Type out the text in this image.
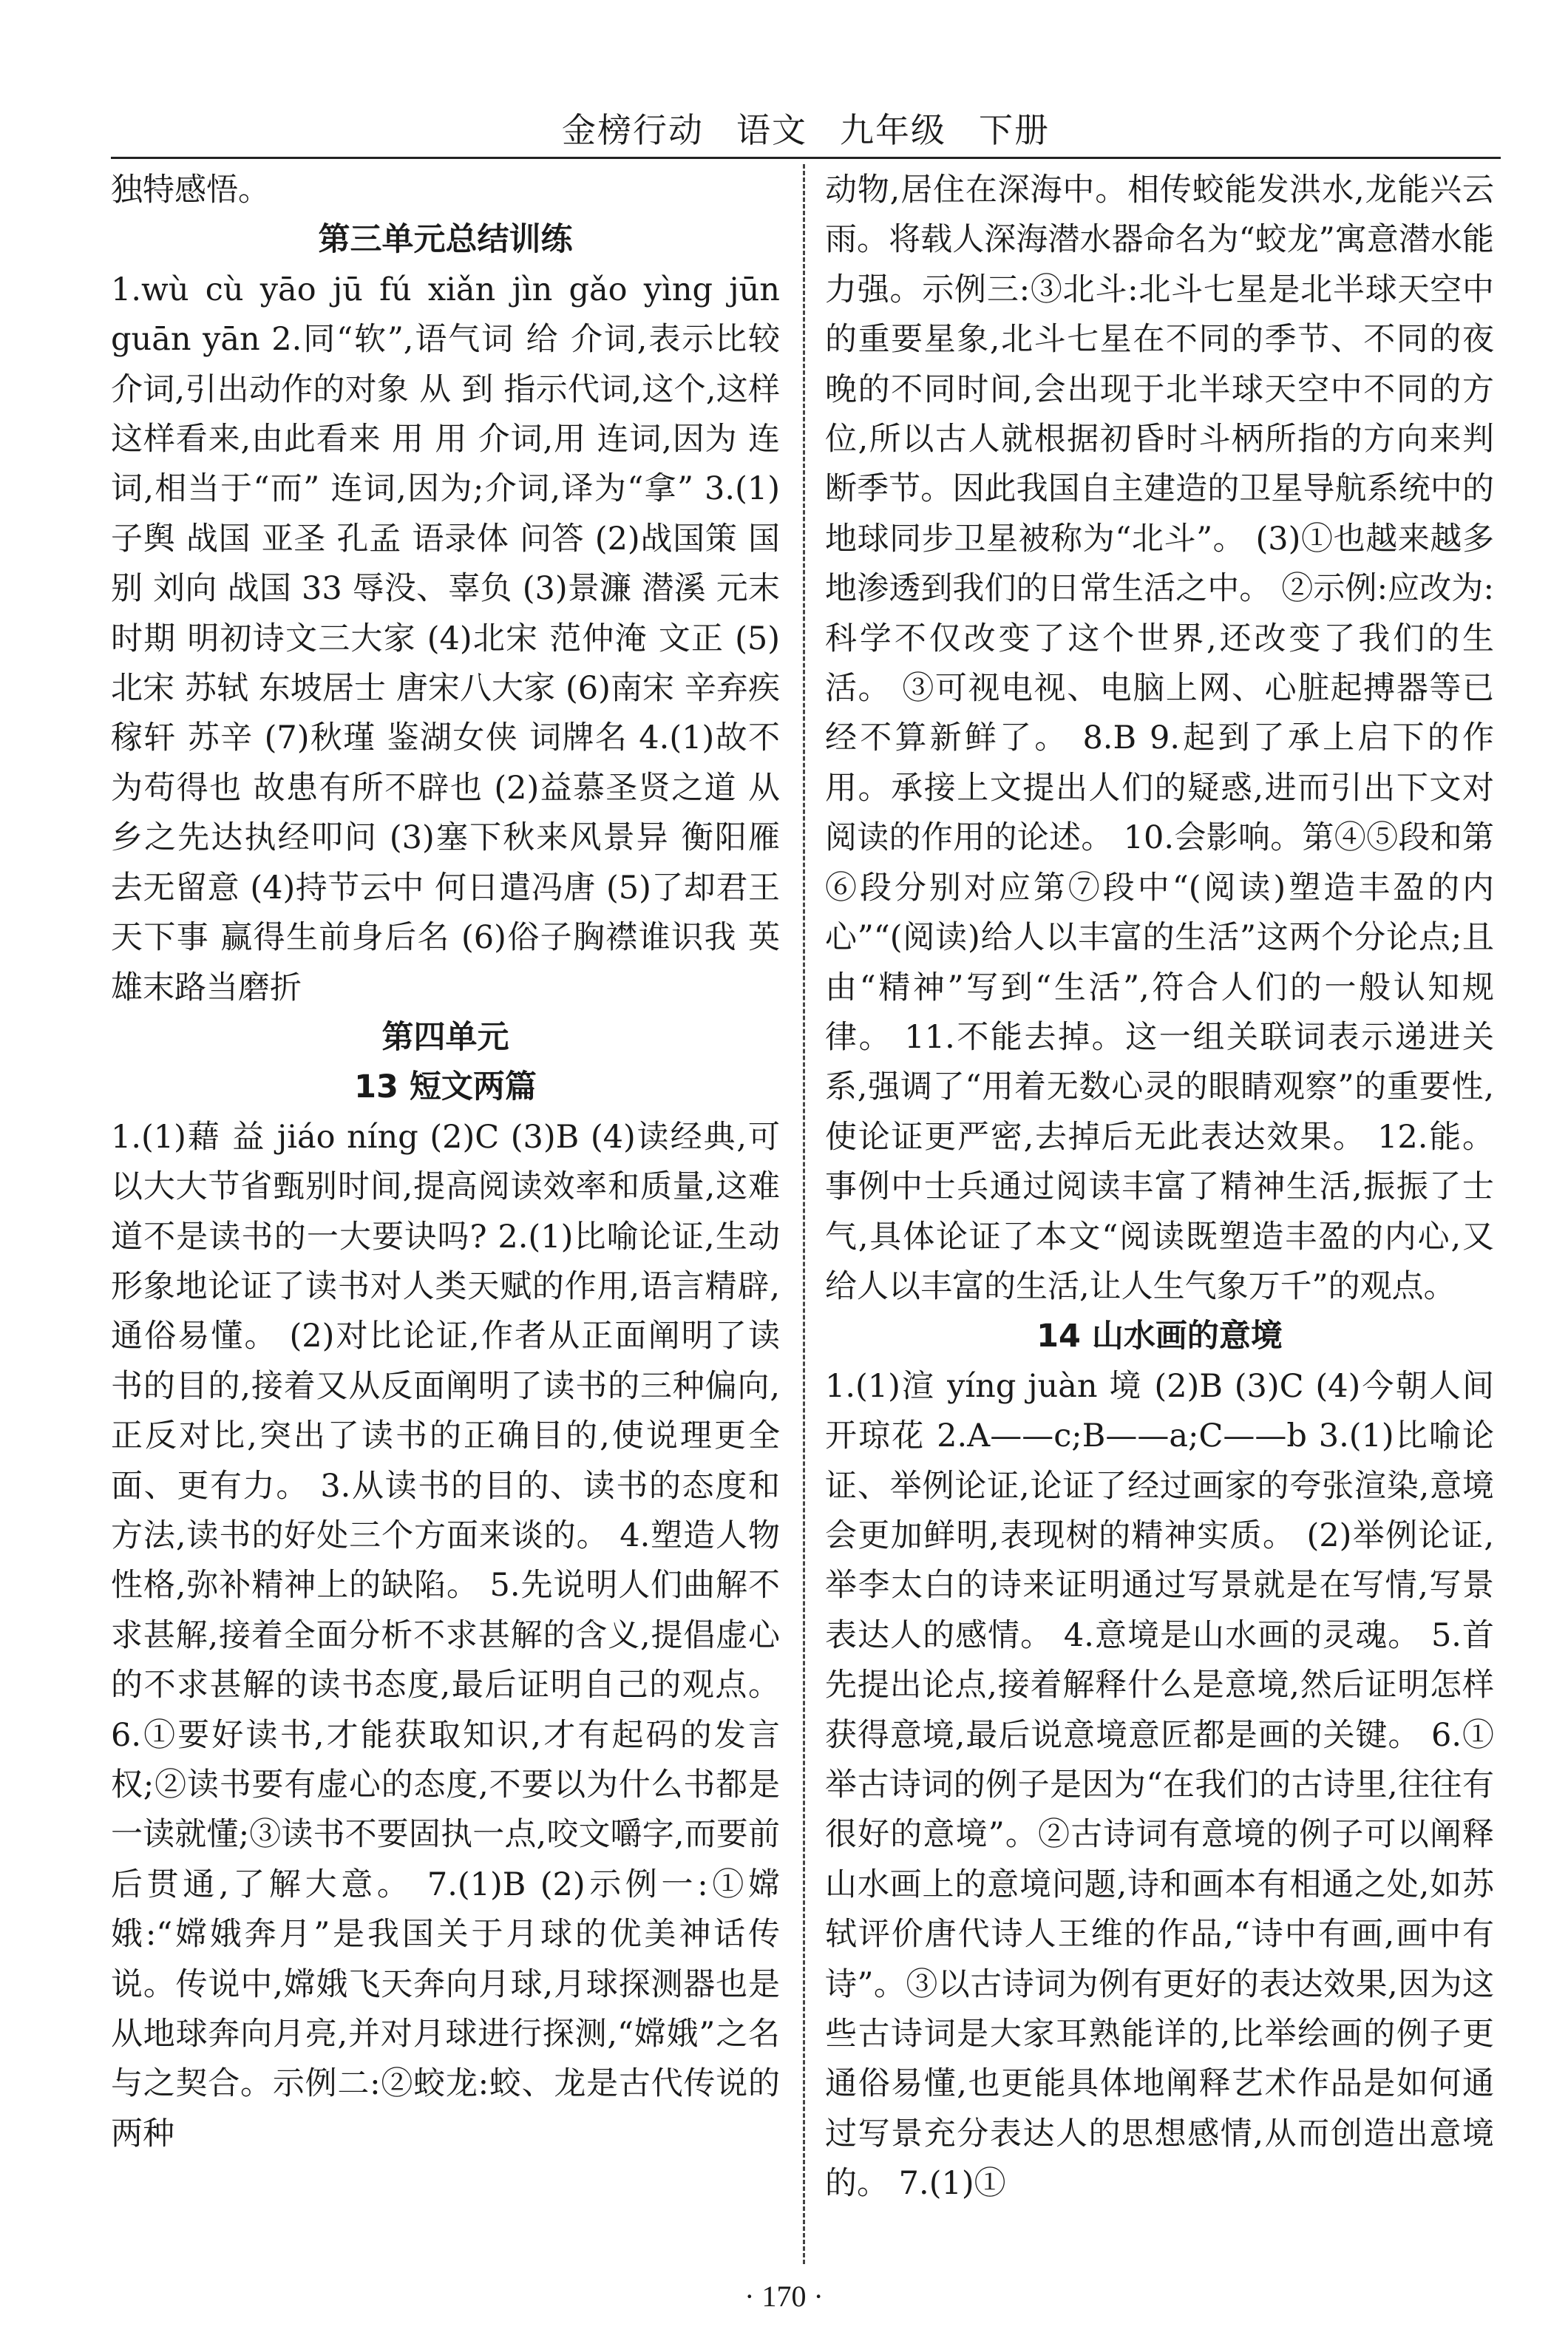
金榜行动 语文 九年级 下册

独特感悟。

第三单元总结训练

1.wù cù yāo jū fú xiǎn jìn gǎo yìng jūn guān yān 2.同“软”,语气词 给 介词,表示比较 介词,引出动作的对象 从 到 指示代词,这个,这样 这样看来,由此看来 用 用 介词,用 连词,因为 连词,相当于“而” 连词,因为;介词,译为“拿” 3.(1)子舆 战国 亚圣 孔孟 语录体 问答 (2)战国策 国别 刘向 战国 33 辱没、辜负 (3)景濂 潜溪 元末时期 明初诗文三大家 (4)北宋 范仲淹 文正 (5)北宋 苏轼 东坡居士 唐宋八大家 (6)南宋 辛弃疾 稼轩 苏辛 (7)秋瑾 鉴湖女侠 词牌名 4.(1)故不为苟得也 故患有所不辟也 (2)益慕圣贤之道 从乡之先达执经叩问 (3)塞下秋来风景异 衡阳雁去无留意 (4)持节云中 何日遣冯唐 (5)了却君王天下事 赢得生前身后名 (6)俗子胸襟谁识我 英雄末路当磨折

第四单元
13 短文两篇

1.(1)藉 益 jiáo níng (2)C (3)B (4)读经典,可以大大节省甄别时间,提高阅读效率和质量,这难道不是读书的一大要诀吗? 2.(1)比喻论证,生动形象地论证了读书对人类天赋的作用,语言精辟,通俗易懂。 (2)对比论证,作者从正面阐明了读书的目的,接着又从反面阐明了读书的三种偏向,正反对比,突出了读书的正确目的,使说理更全面、更有力。 3.从读书的目的、读书的态度和方法,读书的好处三个方面来谈的。 4.塑造人物性格,弥补精神上的缺陷。 5.先说明人们曲解不求甚解,接着全面分析不求甚解的含义,提倡虚心的不求甚解的读书态度,最后证明自己的观点。 6.①要好读书,才能获取知识,才有起码的发言权;②读书要有虚心的态度,不要以为什么书都是一读就懂;③读书不要固执一点,咬文嚼字,而要前后贯通,了解大意。 7.(1)B (2)示例一:①嫦娥:“嫦娥奔月”是我国关于月球的优美神话传说。传说中,嫦娥飞天奔向月球,月球探测器也是从地球奔向月亮,并对月球进行探测,“嫦娥”之名与之契合。示例二:②蛟龙:蛟、龙是古代传说的两种

动物,居住在深海中。相传蛟能发洪水,龙能兴云雨。将载人深海潜水器命名为“蛟龙”寓意潜水能力强。示例三:③北斗:北斗七星是北半球天空中的重要星象,北斗七星在不同的季节、不同的夜晚的不同时间,会出现于北半球天空中不同的方位,所以古人就根据初昏时斗柄所指的方向来判断季节。因此我国自主建造的卫星导航系统中的地球同步卫星被称为“北斗”。 (3)①也越来越多地渗透到我们的日常生活之中。 ②示例:应改为:科学不仅改变了这个世界,还改变了我们的生活。 ③可视电视、电脑上网、心脏起搏器等已经不算新鲜了。 8.B 9.起到了承上启下的作用。承接上文提出人们的疑惑,进而引出下文对阅读的作用的论述。 10.会影响。第④⑤段和第⑥段分别对应第⑦段中“(阅读)塑造丰盈的内心”“(阅读)给人以丰富的生活”这两个分论点;且由“精神”写到“生活”,符合人们的一般认知规律。 11.不能去掉。这一组关联词表示递进关系,强调了“用着无数心灵的眼睛观察”的重要性,使论证更严密,去掉后无此表达效果。 12.能。事例中士兵通过阅读丰富了精神生活,振振了士气,具体论证了本文“阅读既塑造丰盈的内心,又给人以丰富的生活,让人生气象万千”的观点。

14 山水画的意境

1.(1)渲 yíng juàn 境 (2)B (3)C (4)今朝人间开琼花 2.A——c;B——a;C——b 3.(1)比喻论证、举例论证,论证了经过画家的夸张渲染,意境会更加鲜明,表现树的精神实质。 (2)举例论证,举李太白的诗来证明通过写景就是在写情,写景表达人的感情。 4.意境是山水画的灵魂。 5.首先提出论点,接着解释什么是意境,然后证明怎样获得意境,最后说意境意匠都是画的关键。 6.①举古诗词的例子是因为“在我们的古诗里,往往有很好的意境”。②古诗词有意境的例子可以阐释山水画上的意境问题,诗和画本有相通之处,如苏轼评价唐代诗人王维的作品,“诗中有画,画中有诗”。③以古诗词为例有更好的表达效果,因为这些古诗词是大家耳熟能详的,比举绘画的例子更通俗易懂,也更能具体地阐释艺术作品是如何通过写景充分表达人的思想感情,从而创造出意境的。 7.(1)①

· 170 ·
